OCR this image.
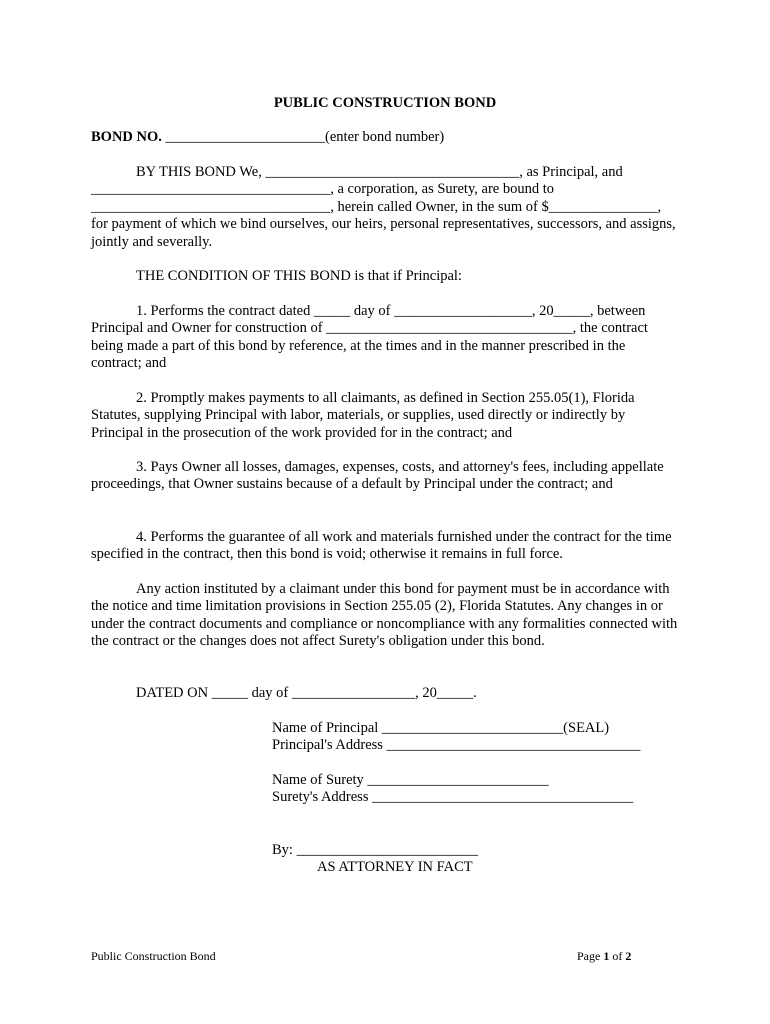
PUBLIC CONSTRUCTION BOND
BOND NO. ______________________(enter bond number)

BY THIS BOND We, ___________________________________, as Principal, and _________________________________, a corporation, as Surety, are bound to _________________________________, herein called Owner, in the sum of $_______________, for payment of which we bind ourselves, our heirs, personal representatives, successors, and assigns, jointly and severally.

THE CONDITION OF THIS BOND is that if Principal:

1. Performs the contract dated _____ day of ___________________, 20_____, between Principal and Owner for construction of __________________________________, the contract being made a part of this bond by reference, at the times and in the manner prescribed in the contract; and

2. Promptly makes payments to all claimants, as defined in Section 255.05(1), Florida Statutes, supplying Principal with labor, materials, or supplies, used directly or indirectly by Principal in the prosecution of the work provided for in the contract; and

3. Pays Owner all losses, damages, expenses, costs, and attorney's fees, including appellate proceedings, that Owner sustains because of a default by Principal under the contract; and

4. Performs the guarantee of all work and materials furnished under the contract for the time specified in the contract, then this bond is void; otherwise it remains in full force.

Any action instituted by a claimant under this bond for payment must be in accordance with the notice and time limitation provisions in Section 255.05 (2), Florida Statutes. Any changes in or under the contract documents and compliance or noncompliance with any formalities connected with the contract or the changes does not affect Surety's obligation under this bond.

DATED ON _____ day of _________________, 20_____.

Name of Principal _________________________(SEAL)
Principal's Address ___________________________________
Name of Surety _________________________
Surety's Address ____________________________________
By: _________________________
AS ATTORNEY IN FACT
Public Construction Bond	Page 1 of 2
